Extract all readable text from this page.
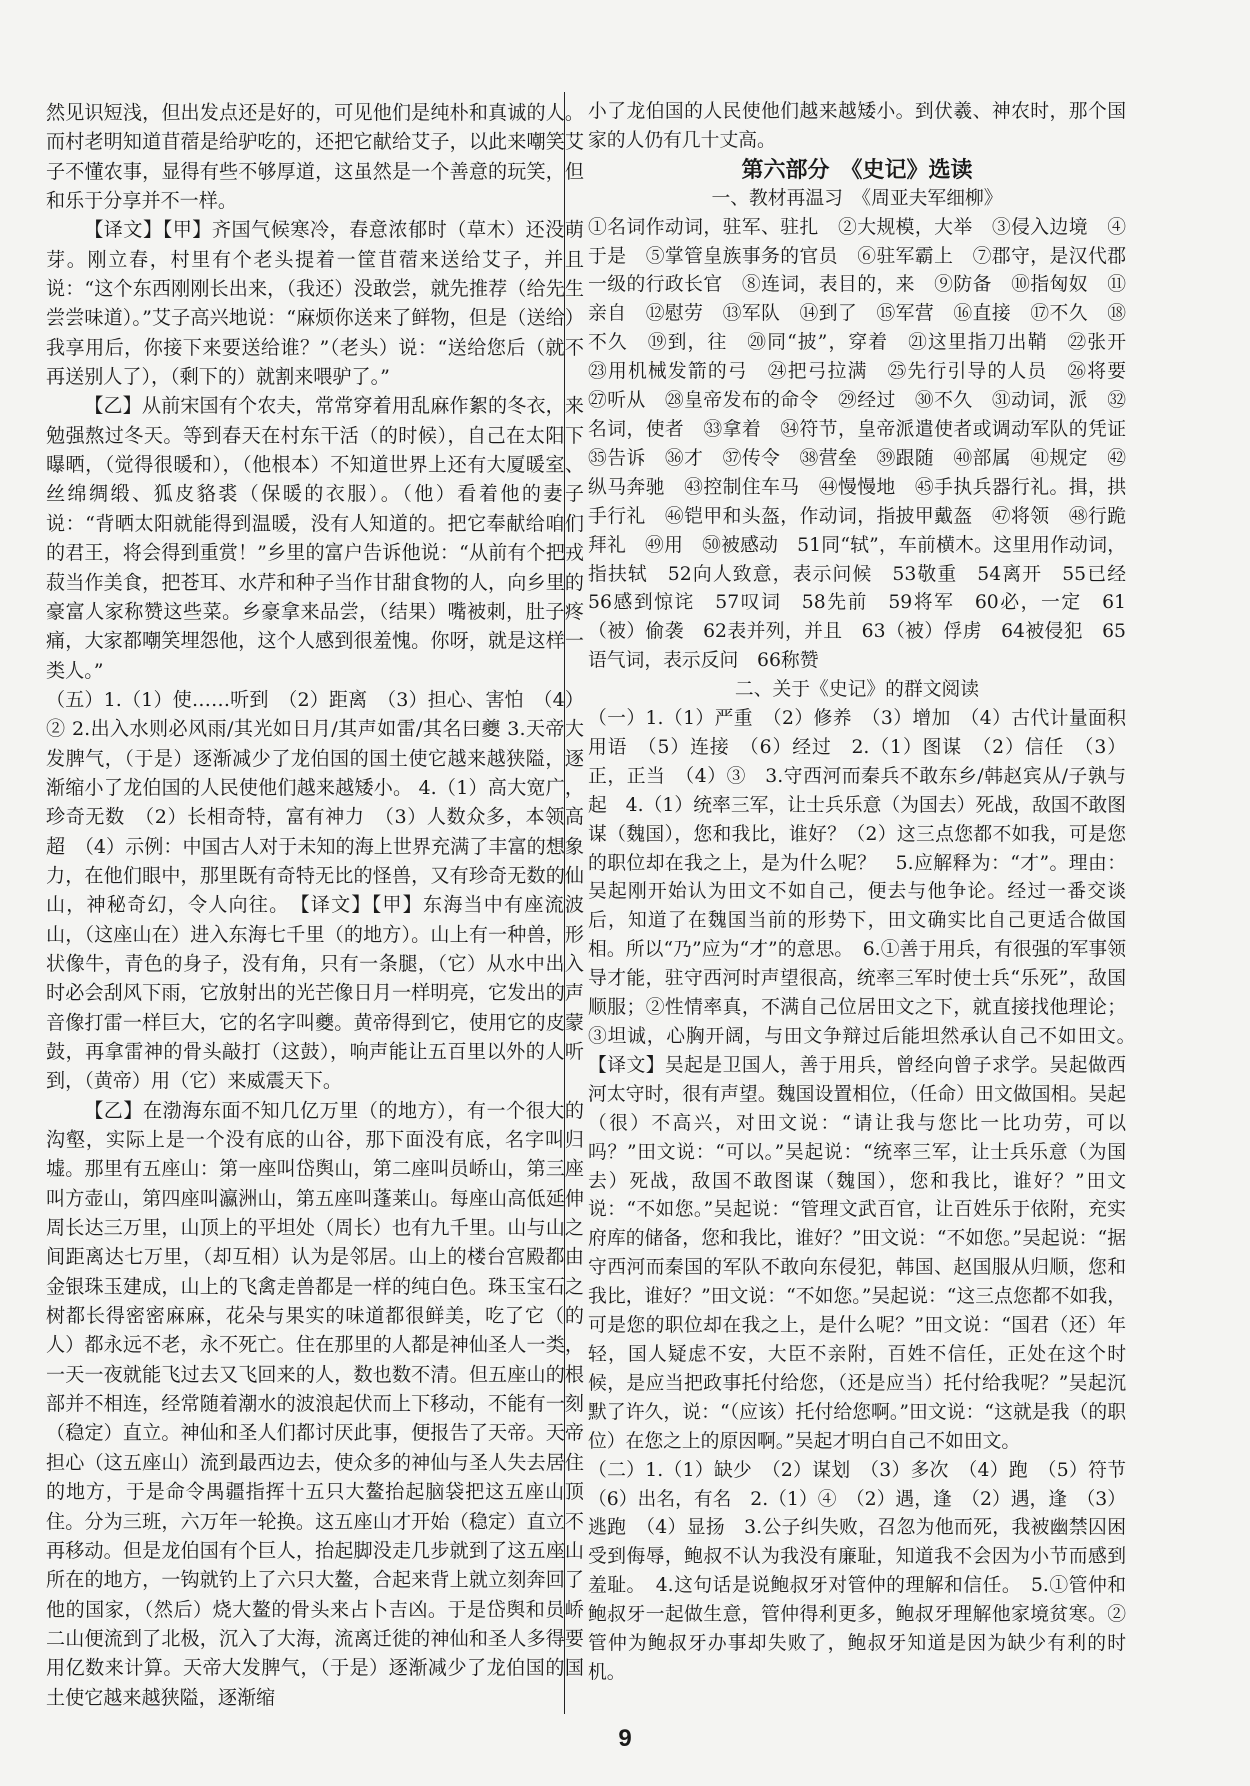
然见识短浅，但出发点还是好的，可见他们是纯朴和真诚的人。而村老明知道苜蓿是给驴吃的，还把它献给艾子，以此来嘲笑艾子不懂农事，显得有些不够厚道，这虽然是一个善意的玩笑，但和乐于分享并不一样。

【译文】【甲】齐国气候寒冷，春意浓郁时（草木）还没萌芽。刚立春，村里有个老头提着一筐苜蓿来送给艾子，并且说：“这个东西刚刚长出来，（我还）没敢尝，就先推荐（给先生尝尝味道）。”艾子高兴地说：“麻烦你送来了鲜物，但是（送给）我享用后，你接下来要送给谁？”（老头）说：“送给您后（就不再送别人了），（剩下的）就割来喂驴了。”

【乙】从前宋国有个农夫，常常穿着用乱麻作絮的冬衣，来勉强熬过冬天。等到春天在村东干活（的时候），自己在太阳下曝晒，（觉得很暖和），（他根本）不知道世界上还有大厦暖室、丝绵绸缎、狐皮貉裘（保暖的衣服）。（他）看着他的妻子说：“背晒太阳就能得到温暖，没有人知道的。把它奉献给咱们的君王，将会得到重赏！”乡里的富户告诉他说：“从前有个把戎菽当作美食，把苍耳、水芹和种子当作甘甜食物的人，向乡里的豪富人家称赞这些菜。乡豪拿来品尝，（结果）嘴被刺，肚子疼痛，大家都嘲笑埋怨他，这个人感到很羞愧。你呀，就是这样一类人。”

（五）1.（1）使……听到　（2）距离　（3）担心、害怕　（4）② 2.出入水则必风雨/其光如日月/其声如雷/其名曰夔 3.天帝大发脾气，（于是）逐渐减少了龙伯国的国土使它越来越狭隘，逐渐缩小了龙伯国的人民使他们越来越矮小。 4.（1）高大宽广，珍奇无数　（2）长相奇特，富有神力　（3）人数众多，本领高超　（4）示例：中国古人对于未知的海上世界充满了丰富的想象力，在他们眼中，那里既有奇特无比的怪兽，又有珍奇无数的仙山，神秘奇幻，令人向往。　【译文】【甲】东海当中有座流波山，（这座山在）进入东海七千里（的地方）。山上有一种兽，形状像牛，青色的身子，没有角，只有一条腿，（它）从水中出入时必会刮风下雨，它放射出的光芒像日月一样明亮，它发出的声音像打雷一样巨大，它的名字叫夔。黄帝得到它，使用它的皮蒙鼓，再拿雷神的骨头敲打（这鼓），响声能让五百里以外的人听到，（黄帝）用（它）来威震天下。

【乙】在渤海东面不知几亿万里（的地方），有一个很大的沟壑，实际上是一个没有底的山谷，那下面没有底，名字叫归墟。那里有五座山：第一座叫岱舆山，第二座叫员峤山，第三座叫方壶山，第四座叫瀛洲山，第五座叫蓬莱山。每座山高低延伸周长达三万里，山顶上的平坦处（周长）也有九千里。山与山之间距离达七万里，（却互相）认为是邻居。山上的楼台宫殿都由金银珠玉建成，山上的飞禽走兽都是一样的纯白色。珠玉宝石之树都长得密密麻麻，花朵与果实的味道都很鲜美，吃了它（的人）都永远不老，永不死亡。住在那里的人都是神仙圣人一类，一天一夜就能飞过去又飞回来的人，数也数不清。但五座山的根部并不相连，经常随着潮水的波浪起伏而上下移动，不能有一刻（稳定）直立。神仙和圣人们都讨厌此事，便报告了天帝。天帝担心（这五座山）流到最西边去，使众多的神仙与圣人失去居住的地方，于是命令禺疆指挥十五只大鳌抬起脑袋把这五座山顶住。分为三班，六万年一轮换。这五座山才开始（稳定）直立不再移动。但是龙伯国有个巨人，抬起脚没走几步就到了这五座山所在的地方，一钩就钓上了六只大鳌，合起来背上就立刻奔回了他的国家，（然后）烧大鳌的骨头来占卜吉凶。于是岱舆和员峤二山便流到了北极，沉入了大海，流离迁徙的神仙和圣人多得要用亿数来计算。天帝大发脾气，（于是）逐渐减少了龙伯国的国土使它越来越狭隘，逐渐缩

小了龙伯国的人民使他们越来越矮小。到伏羲、神农时，那个国家的人仍有几十丈高。

第六部分　《史记》选读

一、教材再温习　《周亚夫军细柳》

①名词作动词，驻军、驻扎　②大规模，大举　③侵入边境　④于是　⑤掌管皇族事务的官员　⑥驻军霸上　⑦郡守，是汉代郡一级的行政长官　⑧连词，表目的，来　⑨防备　⑩指匈奴　⑪亲自　⑫慰劳　⑬军队　⑭到了　⑮军营　⑯直接　⑰不久　⑱不久　⑲到，往　⑳同“披”，穿着　㉑这里指刀出鞘　㉒张开　㉓用机械发箭的弓　㉔把弓拉满　㉕先行引导的人员　㉖将要　㉗听从　㉘皇帝发布的命令　㉙经过　㉚不久　㉛动词，派　㉜名词，使者　㉝拿着　㉞符节，皇帝派遣使者或调动军队的凭证　㉟告诉　㊱才　㊲传令　㊳营垒　㊴跟随　㊵部属　㊶规定　㊷纵马奔驰　㊸控制住车马　㊹慢慢地　㊺手执兵器行礼。揖，拱手行礼　㊻铠甲和头盔，作动词，指披甲戴盔　㊼将领　㊽行跪拜礼　㊾用　㊿被感动　51同“轼”，车前横木。这里用作动词，指扶轼　52向人致意，表示问候　53敬重　54离开　55已经　56感到惊诧　57叹词　58先前　59将军　60必，一定　61（被）偷袭　62表并列，并且　63（被）俘虏　64被侵犯　65语气词，表示反问　66称赞

二、关于《史记》的群文阅读

（一）1.（1）严重　（2）修养　（3）增加　（4）古代计量面积用语　（5）连接　（6）经过　2.（1）图谋　（2）信任　（3）正，正当　（4）③　3.守西河而秦兵不敢东乡/韩赵宾从/子孰与起　4.（1）统率三军，让士兵乐意（为国去）死战，敌国不敢图谋（魏国），您和我比，谁好？（2）这三点您都不如我，可是您的职位却在我之上，是为什么呢？　5.应解释为：“才”。理由：吴起刚开始认为田文不如自己，便去与他争论。经过一番交谈后，知道了在魏国当前的形势下，田文确实比自己更适合做国相。所以“乃”应为“才”的意思。　6.①善于用兵，有很强的军事领导才能，驻守西河时声望很高，统率三军时使士兵“乐死”，敌国顺服；②性情率真，不满自己位居田文之下，就直接找他理论；③坦诚，心胸开阔，与田文争辩过后能坦然承认自己不如田文。　【译文】吴起是卫国人，善于用兵，曾经向曾子求学。吴起做西河太守时，很有声望。魏国设置相位，（任命）田文做国相。吴起（很）不高兴，对田文说：“请让我与您比一比功劳，可以吗？”田文说：“可以。”吴起说：“统率三军，让士兵乐意（为国去）死战，敌国不敢图谋（魏国），您和我比，谁好？”田文说：“不如您。”吴起说：“管理文武百官，让百姓乐于依附，充实府库的储备，您和我比，谁好？”田文说：“不如您。”吴起说：“据守西河而秦国的军队不敢向东侵犯，韩国、赵国服从归顺，您和我比，谁好？”田文说：“不如您。”吴起说：“这三点您都不如我，可是您的职位却在我之上，是什么呢？”田文说：“国君（还）年轻，国人疑虑不安，大臣不亲附，百姓不信任，正处在这个时候，是应当把政事托付给您，（还是应当）托付给我呢？”吴起沉默了许久，说：“（应该）托付给您啊。”田文说：“这就是我（的职位）在您之上的原因啊。”吴起才明白自己不如田文。

（二）1.（1）缺少　（2）谋划　（3）多次　（4）跑　（5）符节　（6）出名，有名　2.（1）④　（2）遇，逢　（2）遇，逢　（3）逃跑　（4）显扬　3.公子纠失败，召忽为他而死，我被幽禁囚困受到侮辱，鲍叔不认为我没有廉耻，知道我不会因为小节而感到羞耻。　4.这句话是说鲍叔牙对管仲的理解和信任。　5.①管仲和鲍叔牙一起做生意，管仲得利更多，鲍叔牙理解他家境贫寒。②管仲为鲍叔牙办事却失败了，鲍叔牙知道是因为缺少有利的时机。

9
